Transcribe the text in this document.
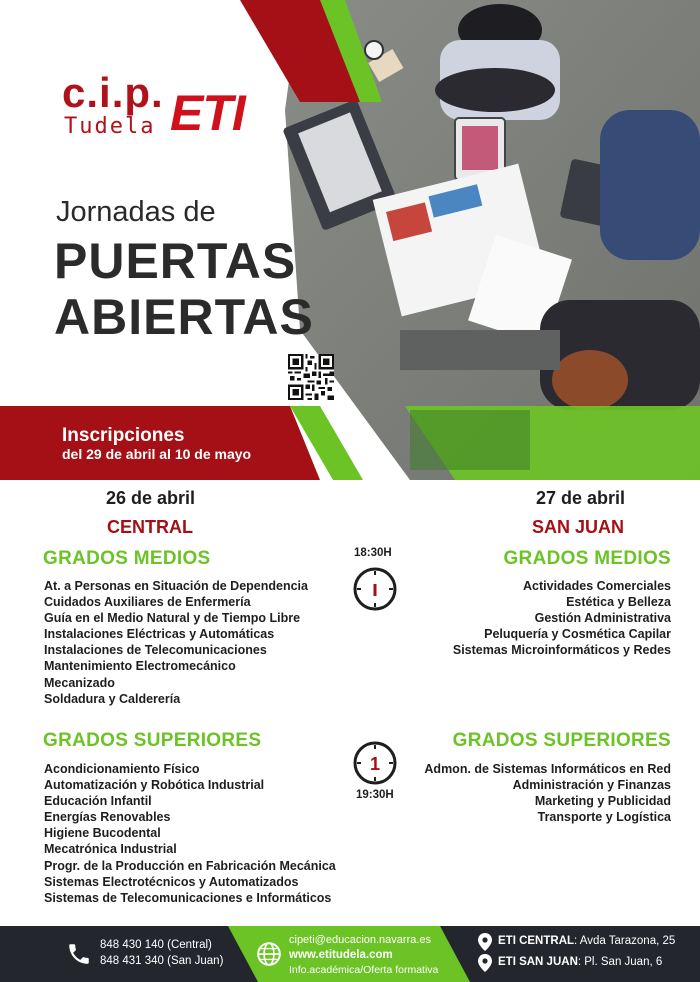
c.i.p.
Tudela ETI
Jornadas de
PUERTAS
ABIERTAS
Inscripciones
del 29 de abril al 10 de mayo
26 de abril
CENTRAL
GRADOS MEDIOS
At. a Personas en Situación de Dependencia
Cuidados Auxiliares de Enfermería
Guía en el Medio Natural y de Tiempo Libre
Instalaciones Eléctricas y Automáticas
Instalaciones de Telecomunicaciones
Mantenimiento Electromecánico
Mecanizado
Soldadura y Calderería
GRADOS SUPERIORES
Acondicionamiento Físico
Automatización y Robótica Industrial
Educación Infantil
Energías Renovables
Higiene Bucodental
Mecatrónica Industrial
Progr. de la Producción en Fabricación Mecánica
Sistemas Electrotécnicos y Automatizados
Sistemas de Telecomunicaciones e Informáticos
27 de abril
SAN JUAN
GRADOS MEDIOS
Actividades Comerciales
Estética y Belleza
Gestión Administrativa
Peluquería y Cosmética Capilar
Sistemas Microinformáticos y Redes
GRADOS SUPERIORES
Admon. de Sistemas Informáticos en Red
Administración y Finanzas
Marketing y Publicidad
Transporte y Logística
18:30H
1
19:30H
848 430 140 (Central)
848 431 340 (San Juan)
cipeti@educacion.navarra.es
www.etitudela.com
Info.académica/Oferta formativa
ETI CENTRAL: Avda Tarazona, 25
ETI SAN JUAN: Pl. San Juan, 6
